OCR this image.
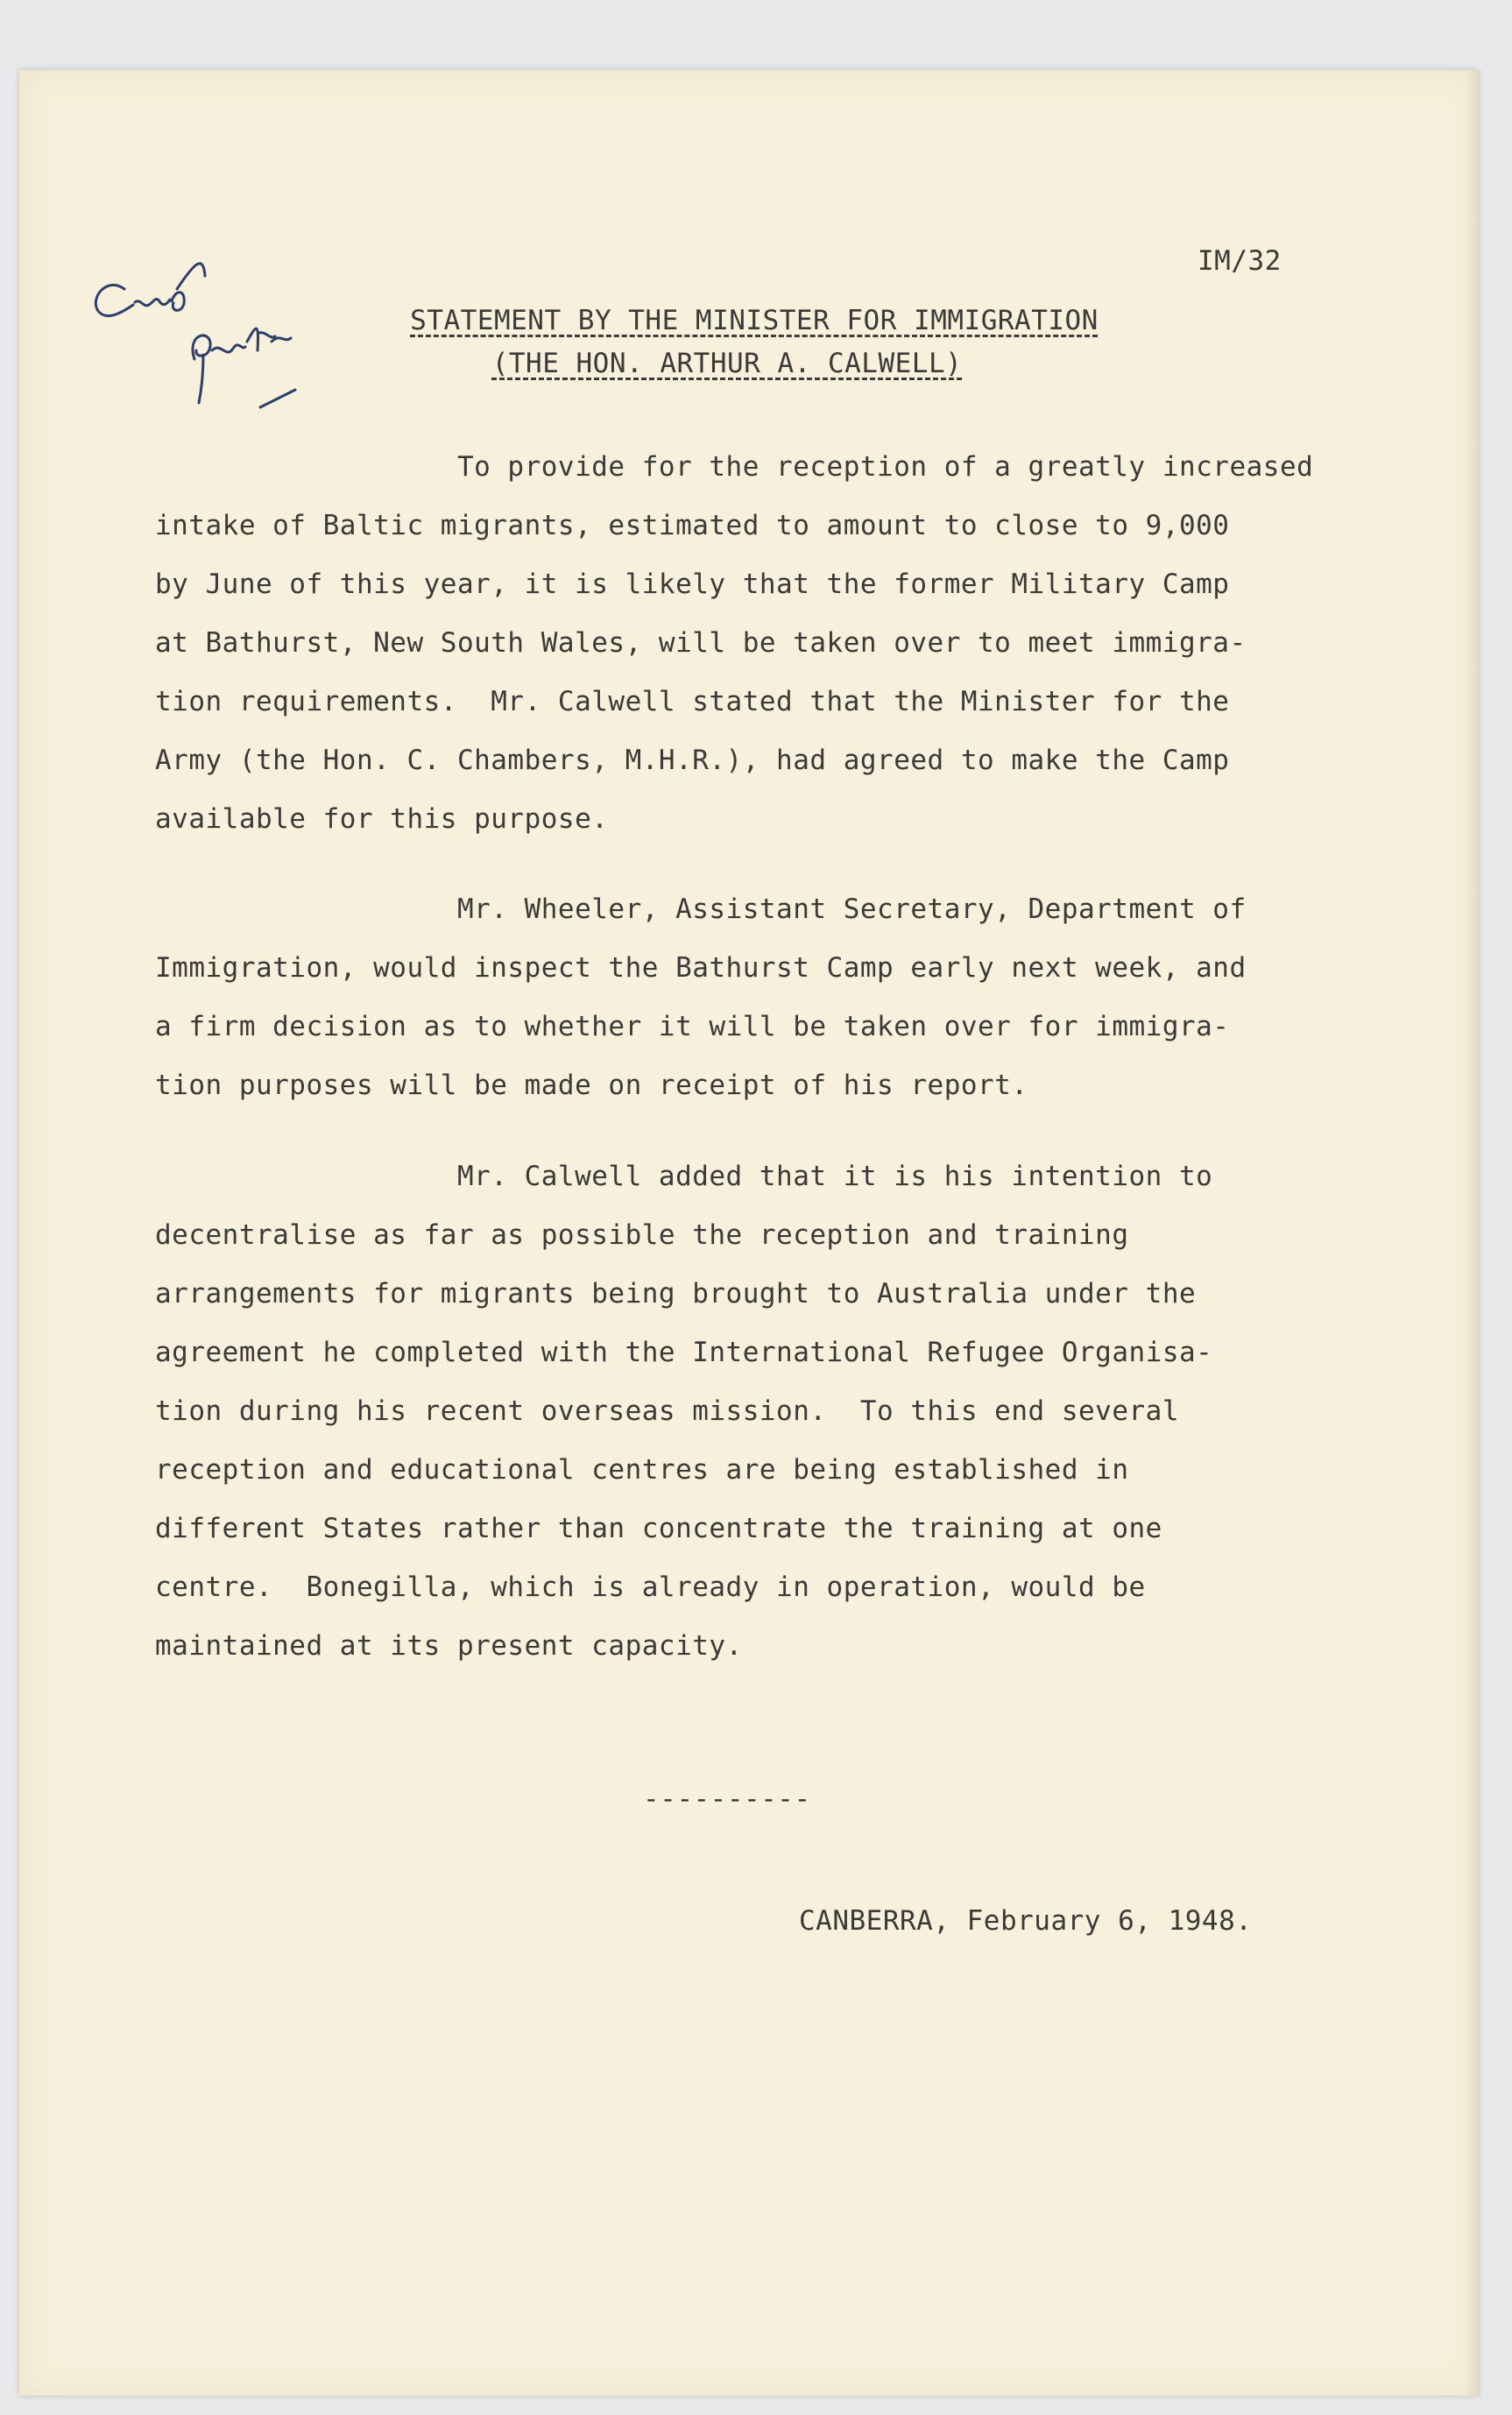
IM/32
STATEMENT BY THE MINISTER FOR IMMIGRATION
(THE HON. ARTHUR A. CALWELL)
To provide for the reception of a greatly increased
intake of Baltic migrants, estimated to amount to close to 9,000
by June of this year, it is likely that the former Military Camp
at Bathurst, New South Wales, will be taken over to meet immigra-
tion requirements.  Mr. Calwell stated that the Minister for the
Army (the Hon. C. Chambers, M.H.R.), had agreed to make the Camp
available for this purpose.
Mr. Wheeler, Assistant Secretary, Department of
Immigration, would inspect the Bathurst Camp early next week, and
a firm decision as to whether it will be taken over for immigra-
tion purposes will be made on receipt of his report.
Mr. Calwell added that it is his intention to
decentralise as far as possible the reception and training
arrangements for migrants being brought to Australia under the
agreement he completed with the International Refugee Organisa-
tion during his recent overseas mission.  To this end several
reception and educational centres are being established in
different States rather than concentrate the training at one
centre.  Bonegilla, which is already in operation, would be
maintained at its present capacity.
----------
CANBERRA, February 6, 1948.
